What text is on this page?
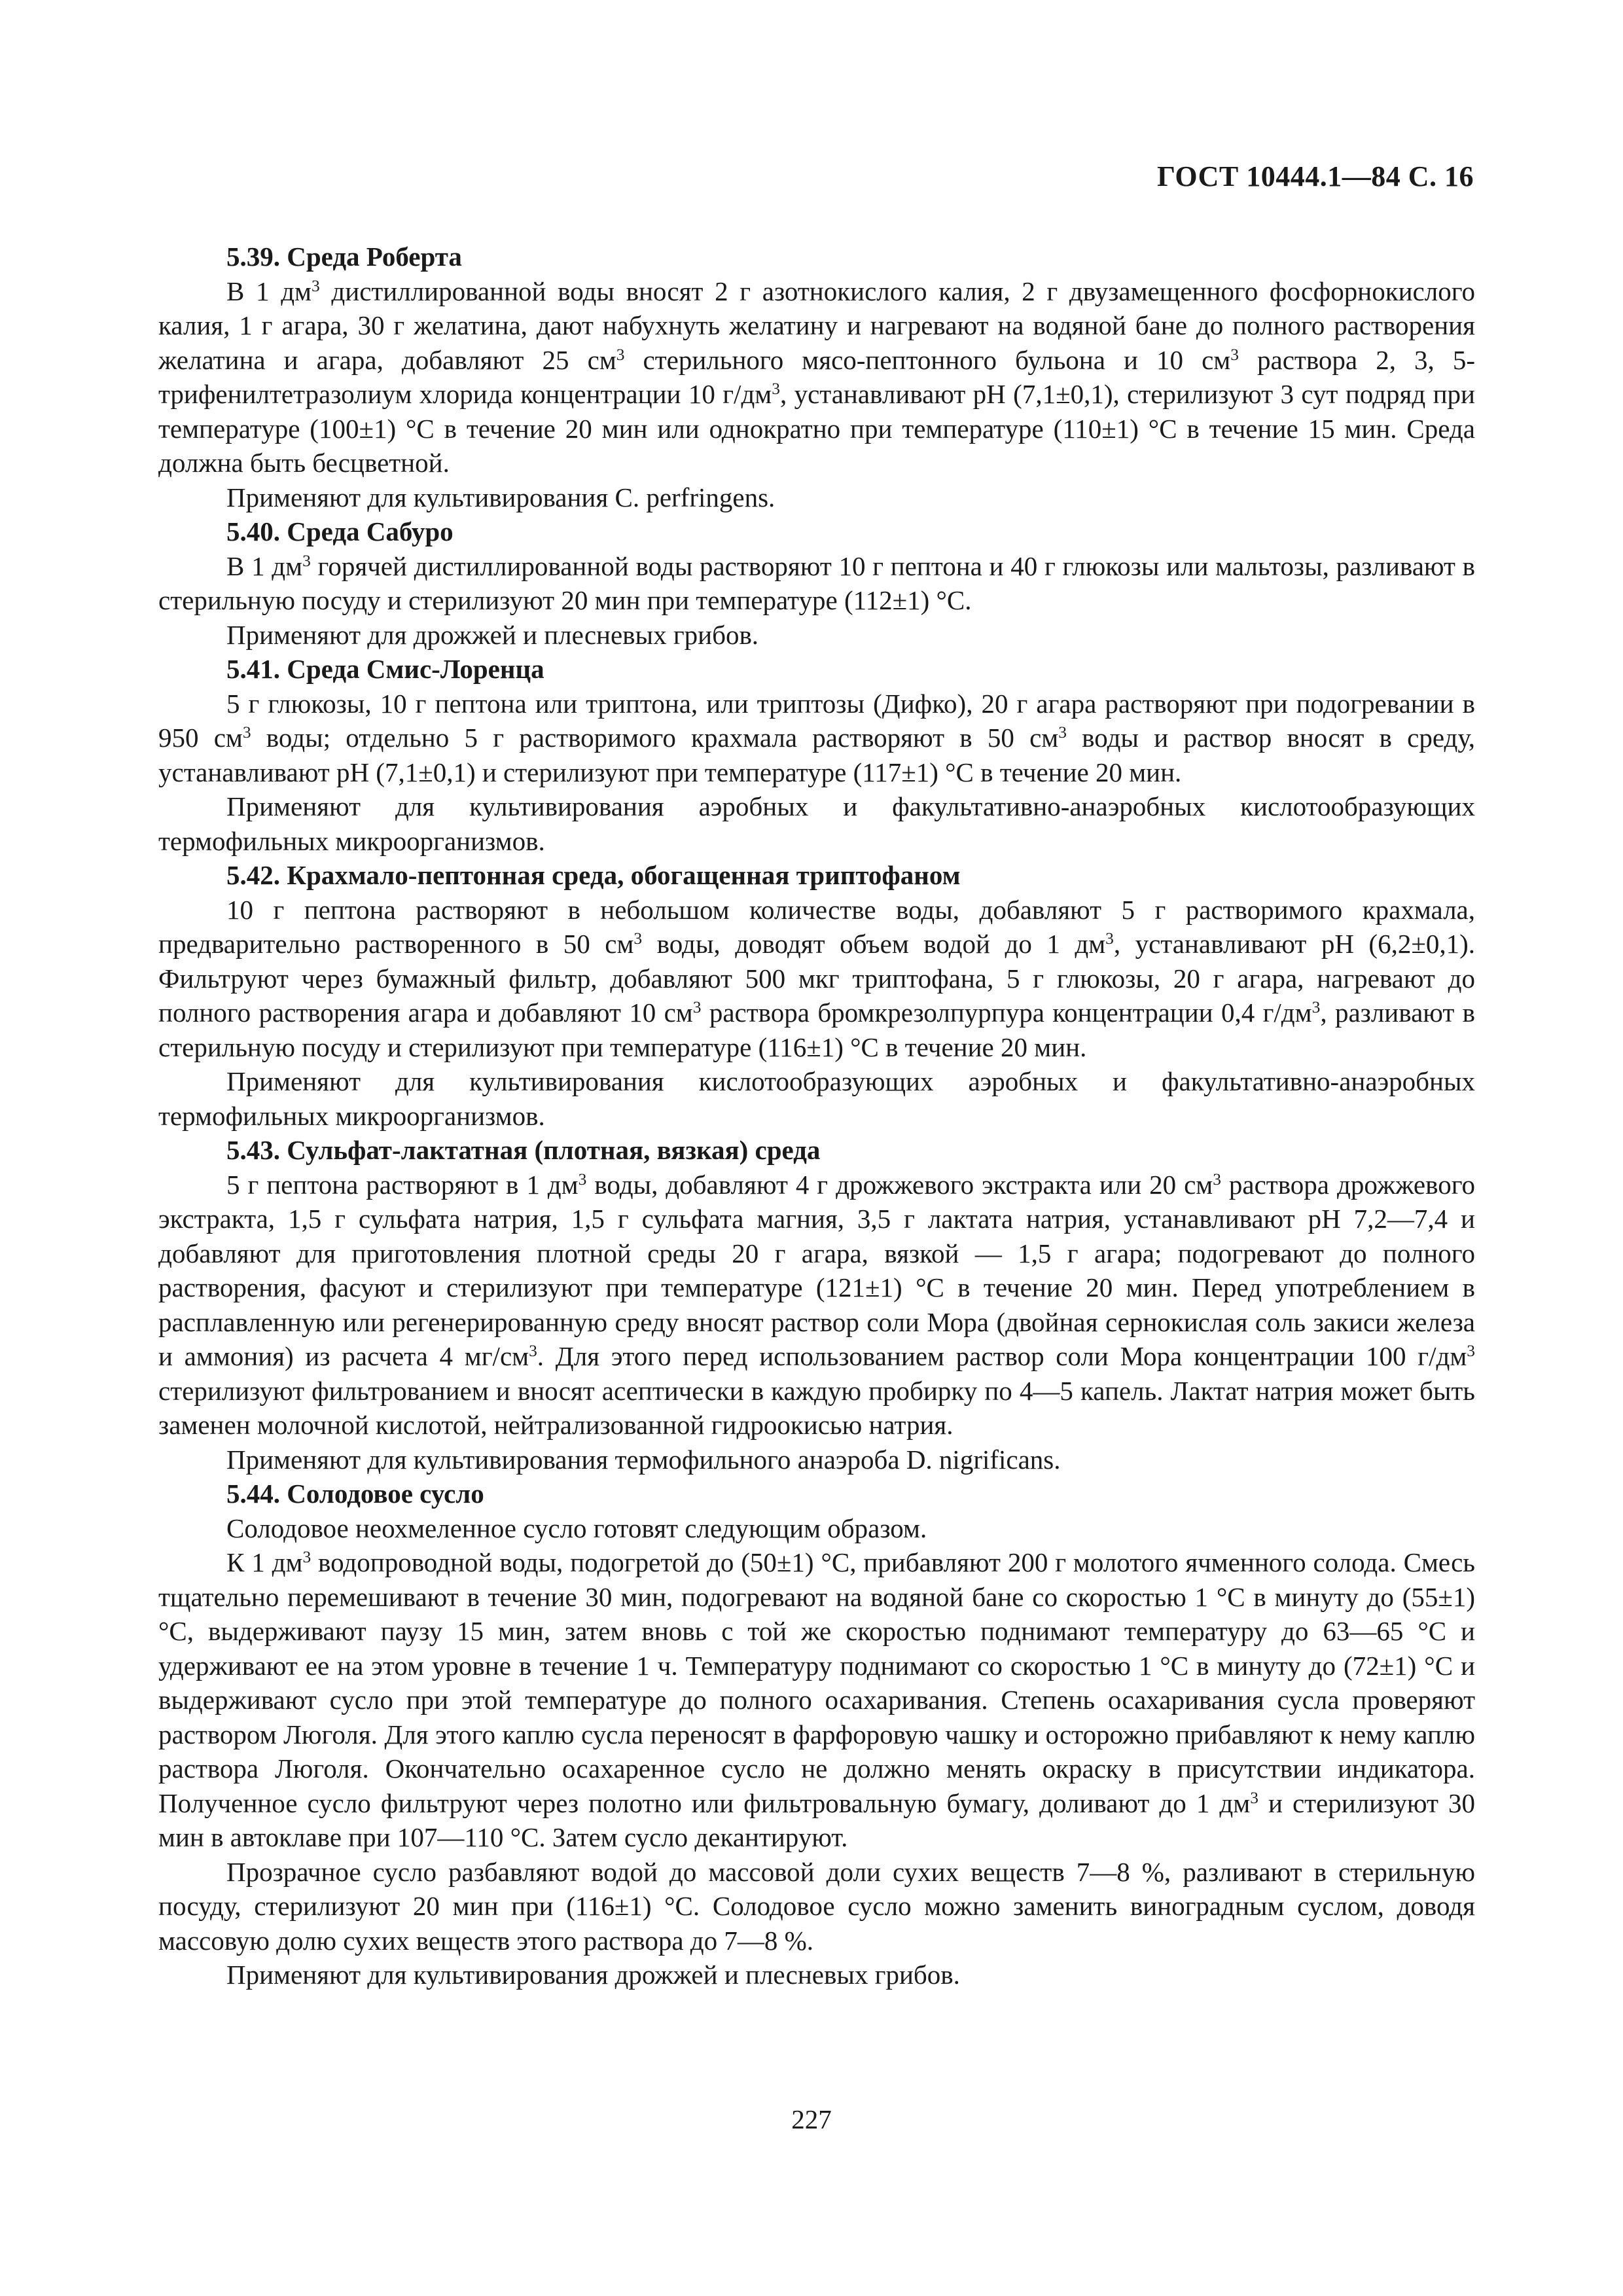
ГОСТ 10444.1—84 С. 16

5.39. Среда Роберта

В 1 $дм^3$ дистиллированной воды вносят 2 г азотнокислого калия, 2 г двузамещенного фосфорнокислого калия, 1 г агара, 30 г желатина, дают набухнуть желатину и нагревают на водяной бане до полного растворения желатина и агара, добавляют 25 $см^3$ стерильного мясо-пептонного бульона и 10 $см^3$ раствора 2, 3, 5-трифенилтетразолиум хлорида концентрации 10 $г/дм^3$, устанавливают pH (7,1±0,1), стерилизуют 3 сут подряд при температуре (100±1) °С в течение 20 мин или однократно при температуре (110±1) °С в течение 15 мин. Среда должна быть бесцветной.

Применяют для культивирования С. perfringens.

5.40. Среда Сабуро

В 1 $дм^3$ горячей дистиллированной воды растворяют 10 г пептона и 40 г глюкозы или мальтозы, разливают в стерильную посуду и стерилизуют 20 мин при температуре (112±1) °С.

Применяют для дрожжей и плесневых грибов.

5.41. Среда Смис-Лоренца

5 г глюкозы, 10 г пептона или триптона, или триптозы (Дифко), 20 г агара растворяют при подогревании в 950 $см^3$ воды; отдельно 5 г растворимого крахмала растворяют в 50 $см^3$ воды и раствор вносят в среду, устанавливают pH (7,1±0,1) и стерилизуют при температуре (117±1) °С в течение 20 мин.

Применяют для культивирования аэробных и факультативно-анаэробных кислотообразующих термофильных микроорганизмов.

5.42. Крахмало-пептонная среда, обогащенная триптофаном

10 г пептона растворяют в небольшом количестве воды, добавляют 5 г растворимого крахмала, предварительно растворенного в 50 $см^3$ воды, доводят объем водой до 1 $дм^3$, устанавливают pH (6,2±0,1). Фильтруют через бумажный фильтр, добавляют 500 мкг триптофана, 5 г глюкозы, 20 г агара, нагревают до полного растворения агара и добавляют 10 $см^3$ раствора бромкрезолпурпура концентрации 0,4 $г/дм^3$, разливают в стерильную посуду и стерилизуют при температуре (116±1) °С в течение 20 мин.

Применяют для культивирования кислотообразующих аэробных и факультативно-анаэробных термофильных микроорганизмов.

5.43. Сульфат-лактатная (плотная, вязкая) среда

5 г пептона растворяют в 1 $дм^3$ воды, добавляют 4 г дрожжевого экстракта или 20 $см^3$ раствора дрожжевого экстракта, 1,5 г сульфата натрия, 1,5 г сульфата магния, 3,5 г лактата натрия, устанавливают pH 7,2—7,4 и добавляют для приготовления плотной среды 20 г агара, вязкой — 1,5 г агара; подогревают до полного растворения, фасуют и стерилизуют при температуре (121±1) °С в течение 20 мин. Перед употреблением в расплавленную или регенерированную среду вносят раствор соли Мора (двойная сернокислая соль закиси железа и аммония) из расчета 4 $мг/см^3$. Для этого перед использованием раствор соли Мора концентрации 100 $г/дм^3$ стерилизуют фильтрованием и вносят асептически в каждую пробирку по 4—5 капель. Лактат натрия может быть заменен молочной кислотой, нейтрализованной гидроокисью натрия.

Применяют для культивирования термофильного анаэроба D. nigrificans.

5.44. Солодовое сусло

Солодовое неохмеленное сусло готовят следующим образом.

К 1 $дм^3$ водопроводной воды, подогретой до (50±1) °С, прибавляют 200 г молотого ячменного солода. Смесь тщательно перемешивают в течение 30 мин, подогревают на водяной бане со скоростью 1 °С в минуту до (55±1) °С, выдерживают паузу 15 мин, затем вновь с той же скоростью поднимают температуру до 63—65 °С и удерживают ее на этом уровне в течение 1 ч. Температуру поднимают со скоростью 1 °С в минуту до (72±1) °С и выдерживают сусло при этой температуре до полного осахаривания. Степень осахаривания сусла проверяют раствором Люголя. Для этого каплю сусла переносят в фарфоровую чашку и осторожно прибавляют к нему каплю раствора Люголя. Окончательно осахаренное сусло не должно менять окраску в присутствии индикатора. Полученное сусло фильтруют через полотно или фильтровальную бумагу, доливают до 1 $дм^3$ и стерилизуют 30 мин в автоклаве при 107—110 °С. Затем сусло декантируют.

Прозрачное сусло разбавляют водой до массовой доли сухих веществ 7—8 %, разливают в стерильную посуду, стерилизуют 20 мин при (116±1) °С. Солодовое сусло можно заменить виноградным суслом, доводя массовую долю сухих веществ этого раствора до 7—8 %.

Применяют для культивирования дрожжей и плесневых грибов.

227
